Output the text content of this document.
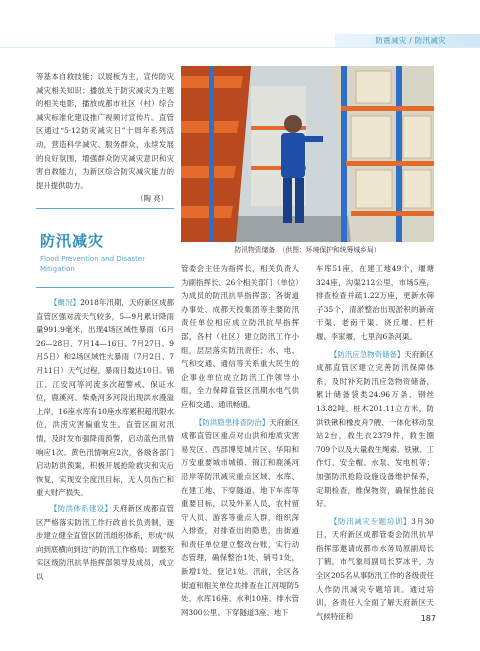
防震减灾 / 防汛减灾

等基本自救技能；以展板为主，宣传防灾减灾相关知识；播放关于防灾减灾为主题的相关电影，播放成都市社区（村）综合减灾标准化建设推广视频讨宣传片。直管区通过“5·12防灾减灾日”十周年系列活动，营造科学减灾、服务群众、永续发展的良好氛围，增强群众防灾减灾意识和灾害自救能力，为新区综合防灾减灾能力的提升提供助力。

（陶 亮）

防汛减灾
Flood Prevention and Disaster Mitigation
防汛物资储备　（供图：环境保护和统筹城乡局）

【概况】2018年汛期，天府新区成都直管区强对流天气较多，5—9月累计降雨量991.9毫米，出现4场区域性暴雨（6月26—28日、7月14—16日、7月27日、9月5日）和2场区域性大暴雨（7月2日、7月11日）天气过程，暴雨日数达10日。锦江、江安河等河流多次超警戒、保证水位，鹿溪河、柴桑河多河段出现洪水漫溢上岸，16座水库有10座水库累积超汛限水位，洪涝灾害偏重发生。直管区面对汛情，及时发布强降雨预警，启动蓝色汛情响应1次、黄色汛情响应2次，各级各部门启动防洪预案，积极开展抢险救灾和灾后恢复，实现安全度汛目标，无人员伤亡和重大财产损失。

【防洪体系建设】天府新区成都直管区严格落实防汛工作行政首长负责制，逐步建立健全直管区防汛组织体系，形成“纵向到底横向到边”的防汛工作格局；调整充实区级防汛抗旱指挥部领导及成员，成立以

管委会主任为指挥长，相关负责人为副指挥长、26个相关部门（单位）为成员的防汛抗旱指挥部；各街道办事处、成都天投集团等主要防汛责任单位相应成立防汛抗旱指挥部，各村（社区）建立防汛工作小组，层层落实防汛责任；水、电、气和交通、通信等关系重大民生的企事业单位成立防汛工作领导小组，全力保障直管区汛期水电气供应和交通、通讯畅通。

【防洪隐患排查防治】天府新区成都直管区重点对山洪和地质灾害易发区、西部博览城片区、华阳和万安重要城市城镇、锦江和鹿溪河沿岸等防汛减灾重点区域、水库、在建工地、下穿隧道、地下车库等重要目标，以及外来人员、农村留守人员、游客等重点人群，组织深入排查，对排查出的隐患，由街道和责任单位建立整改台账，实行动态管理，确保整治1处、销号1处，新增1处、登记1处。汛前，全区各街道和相关单位共排查在江河堤防5处、水库16座、水利10座、排水管网300公里、下穿隧道3座、地下

车库51座，在建工地49个，堰塘324座，沟渠212公里，市场5座，排查检查并疏1.22万座，更新水筛子35个，清淤整治出现淤积的新南干渠、老南干渠、浇丘堰、栏杆堰、李家堰、七里沟6条河渠。

【防汛应急物资储备】天府新区成都直管区建立完善防汛保障体系，及时补充防汛应急物资储备，累计储备袋类24.96万条、钢丝13.82吨、桩木201.11立方米，防洪铁锹和橡皮舟7艘、一体化移动泵站2台，救生衣2379件，救生圈709个以及大量救生绳索、铁锹、工作灯、安全帽、水泵、发电机等；加强防汛抢险设施设备维护保养，定期检查，维保物资，确保性能良好。

【防汛减灾专题培训】3月30日，天府新区成都管委会防汛抗旱指挥部邀请成都市水务局原副局长丁鹤，市气象局副局长罗冰平，为全区205名从事防汛工作的各级责任人作防汛减灾专题培训。通过培训，各责任人全面了解天府新区天气候特征和	187
